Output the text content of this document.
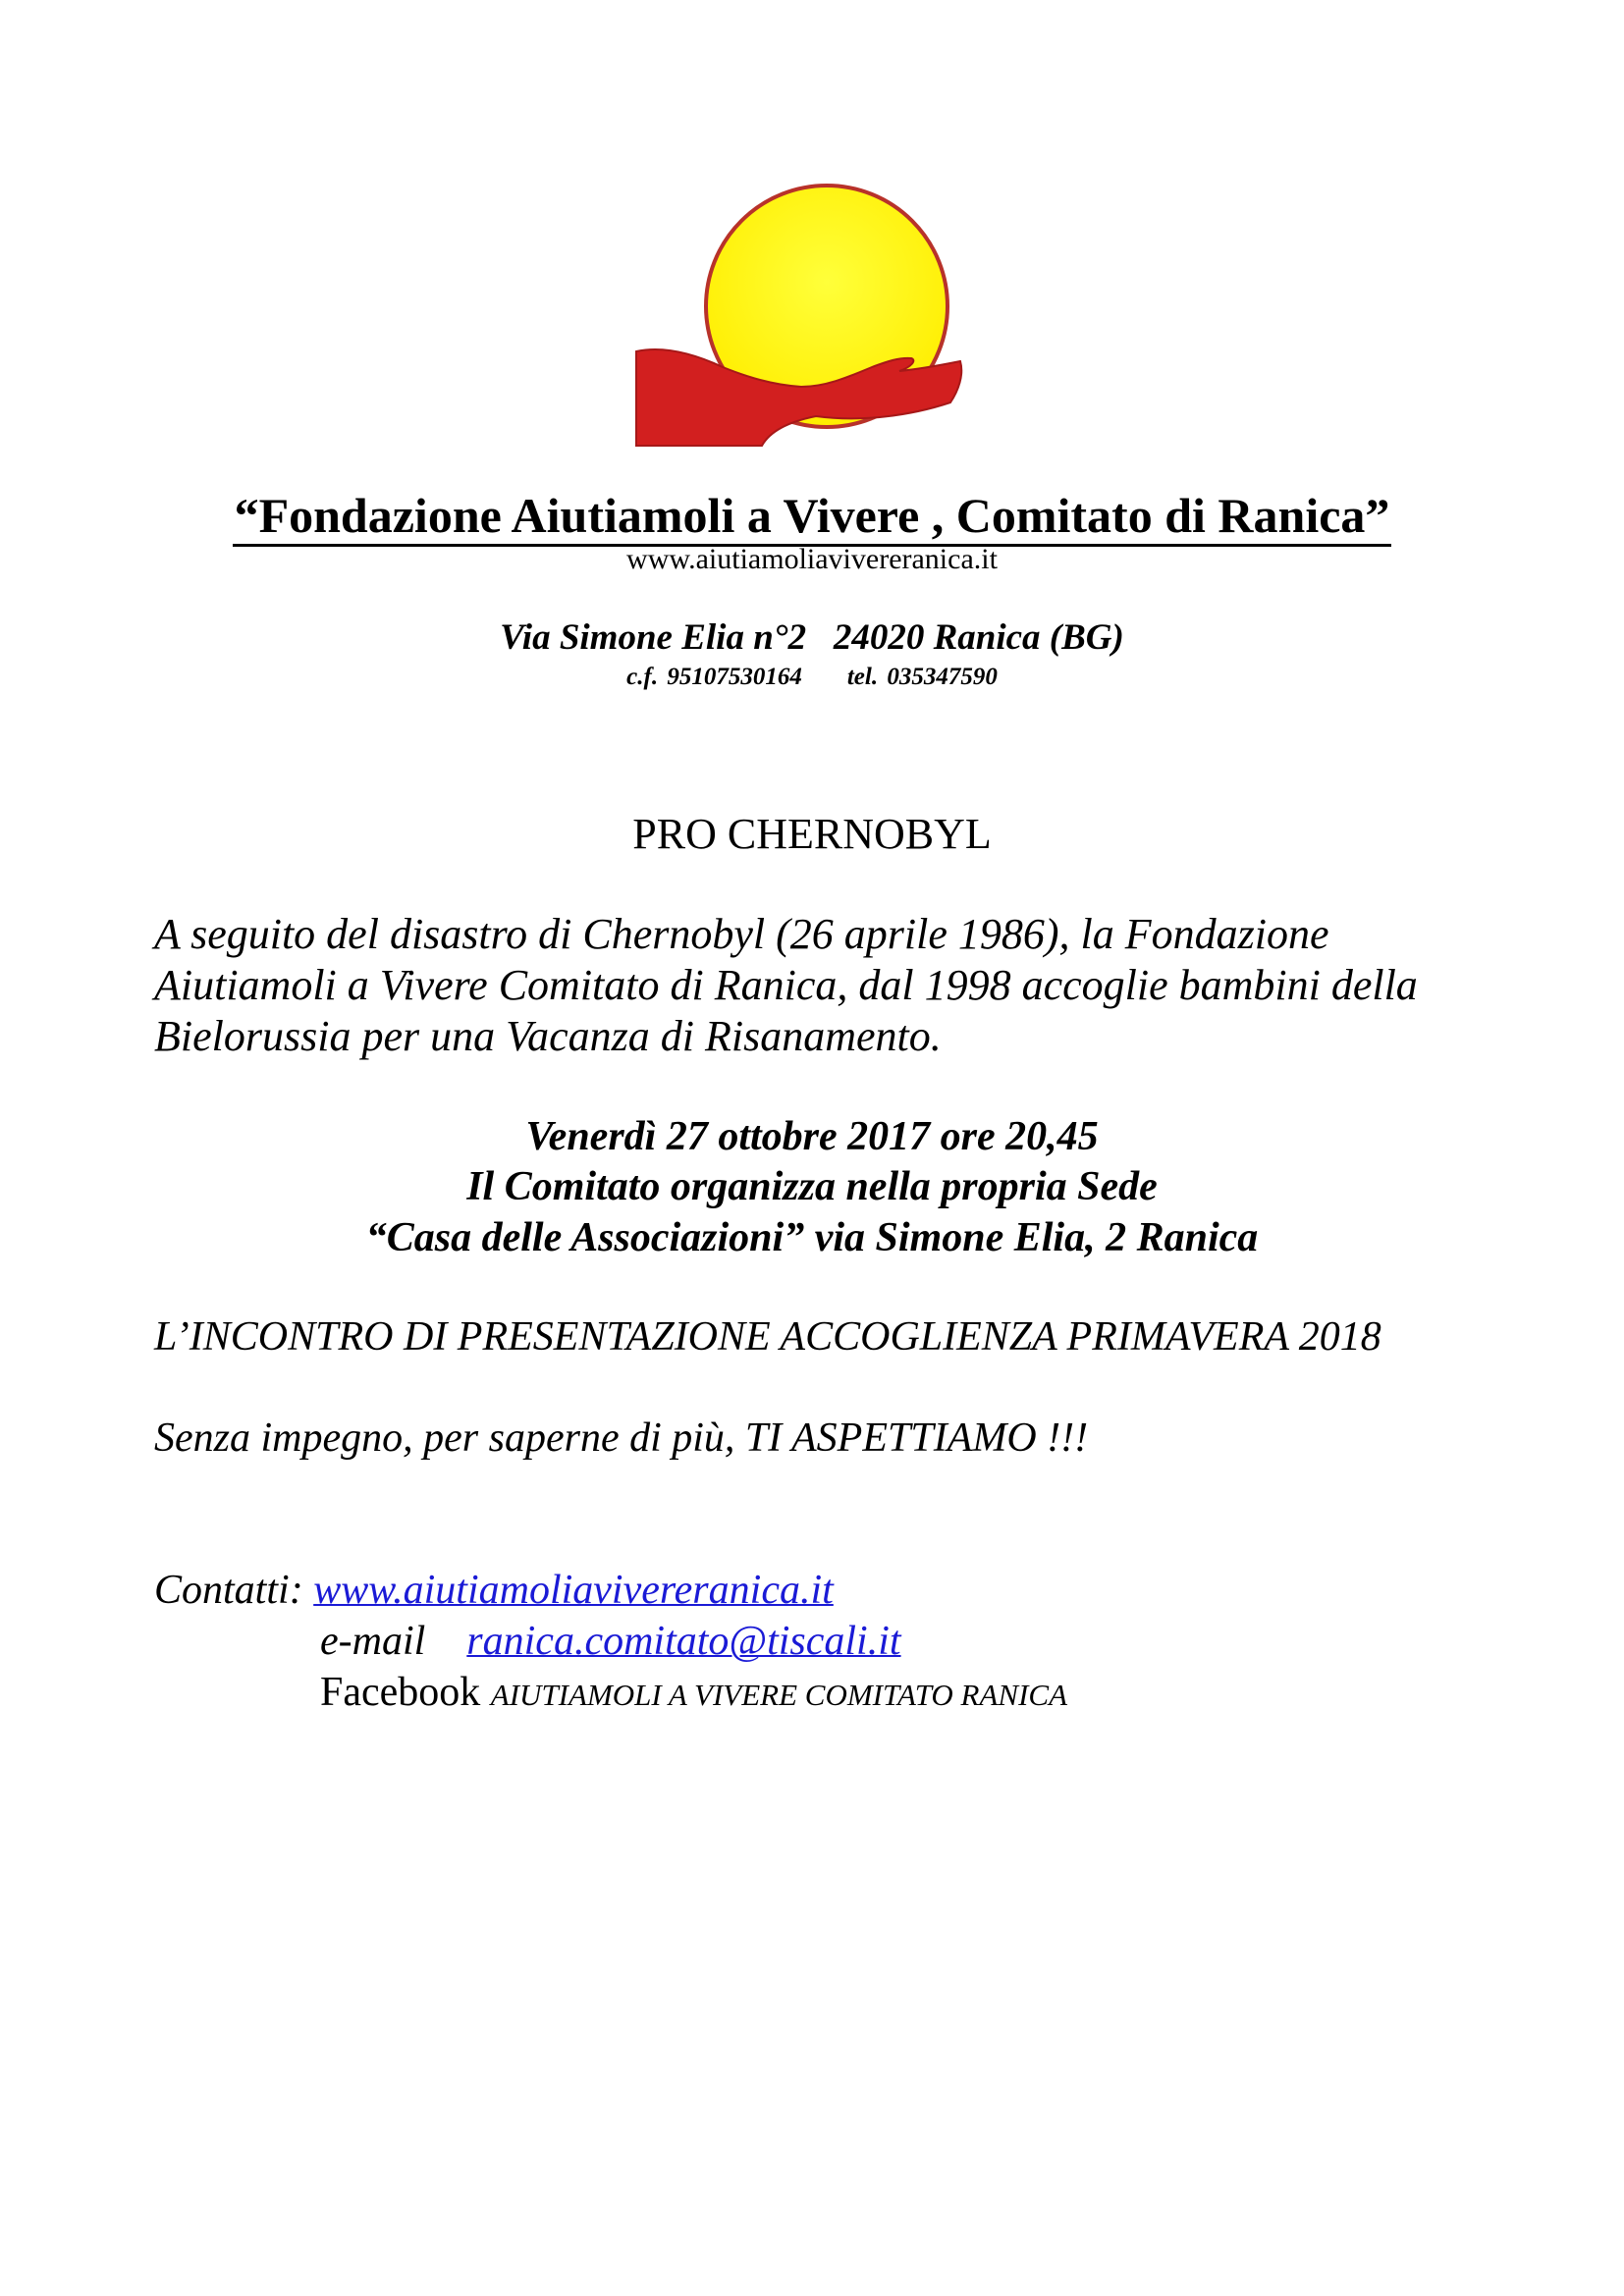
“Fondazione Aiutiamoli a Vivere , Comitato di Ranica”
www.aiutiamoliavivereranica.it
Via Simone Elia n°2   24020 Ranica (BG)
c.f. 95107530164 tel. 035347590
PRO CHERNOBYL
A seguito del disastro di Chernobyl (26 aprile 1986), la Fondazione
Aiutiamoli a Vivere Comitato di Ranica, dal 1998 accoglie bambini della
Bielorussia per una Vacanza di Risanamento.
Venerdì 27 ottobre 2017 ore 20,45
Il Comitato organizza nella propria Sede
“Casa delle Associazioni” via Simone Elia, 2 Ranica
L’INCONTRO DI PRESENTAZIONE ACCOGLIENZA PRIMAVERA 2018
Senza impegno, per saperne di più, TI ASPETTIAMO !!!
Contatti: www.aiutiamoliavivereranica.it
e-mail ranica.comitato@tiscali.it
Facebook AIUTIAMOLI A VIVERE COMITATO RANICA
